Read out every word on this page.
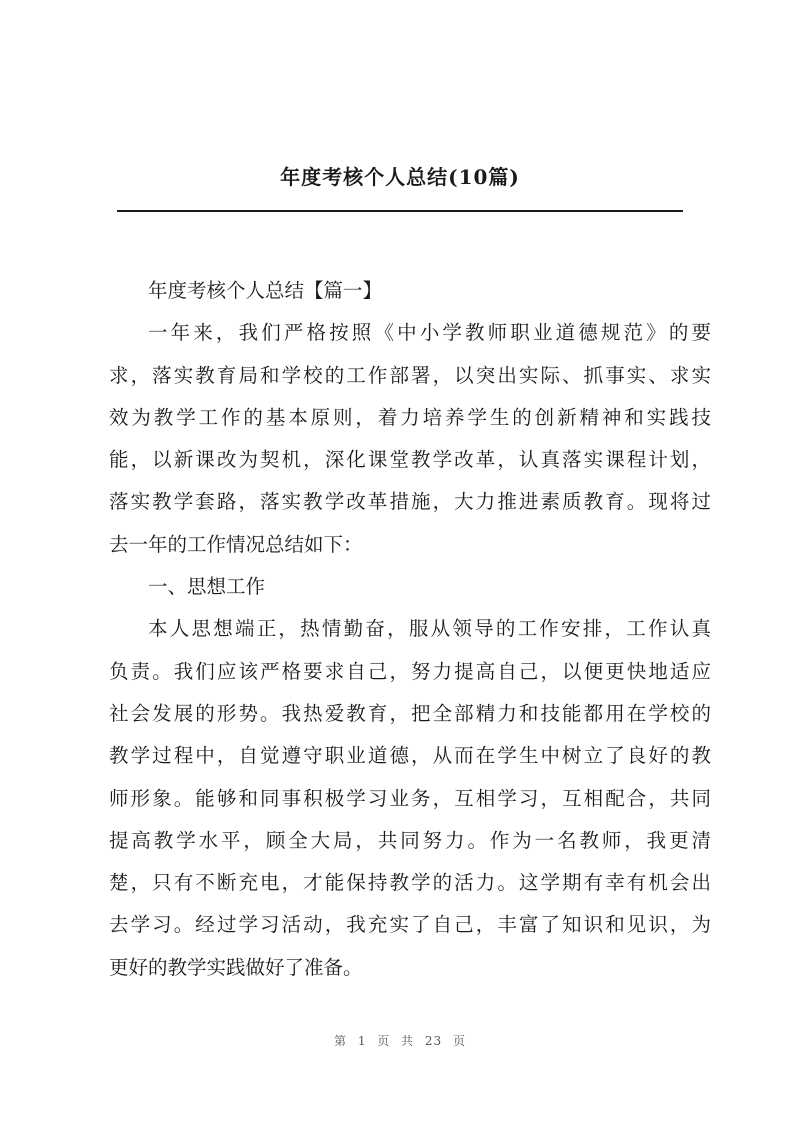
年度考核个人总结(10篇)
年度考核个人总结【篇一】
一年来，我们严格按照《中小学教师职业道德规范》的要
求，落实教育局和学校的工作部署，以突出实际、抓事实、求实
效为教学工作的基本原则，着力培养学生的创新精神和实践技
能，以新课改为契机，深化课堂教学改革，认真落实课程计划，
落实教学套路，落实教学改革措施，大力推进素质教育。现将过
去一年的工作情况总结如下：
一、思想工作
本人思想端正，热情勤奋，服从领导的工作安排，工作认真
负责。我们应该严格要求自己，努力提高自己，以便更快地适应
社会发展的形势。我热爱教育，把全部精力和技能都用在学校的
教学过程中，自觉遵守职业道德，从而在学生中树立了良好的教
师形象。能够和同事积极学习业务，互相学习，互相配合，共同
提高教学水平，顾全大局，共同努力。作为一名教师，我更清
楚，只有不断充电，才能保持教学的活力。这学期有幸有机会出
去学习。经过学习活动，我充实了自己，丰富了知识和见识，为
更好的教学实践做好了准备。
第 1 页 共 23 页
